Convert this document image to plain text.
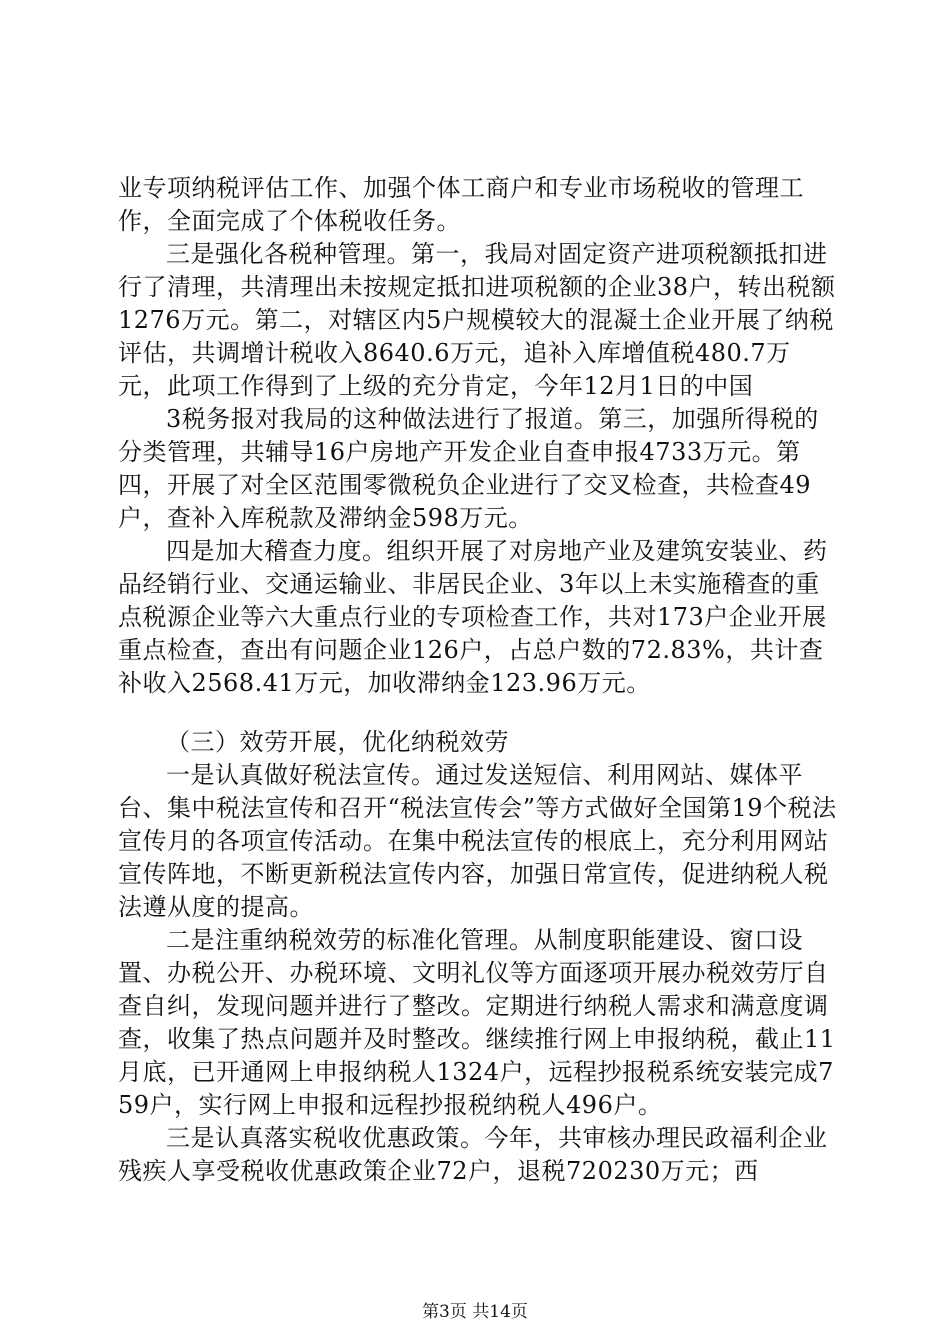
业专项纳税评估工作、加强个体工商户和专业市场税收的管理工作，全面完成了个体税收任务。

三是强化各税种管理。第一，我局对固定资产进项税额抵扣进行了清理，共清理出未按规定抵扣进项税额的企业38户，转出税额1276万元。第二，对辖区内5户规模较大的混凝土企业开展了纳税评估，共调增计税收入8640.6万元，追补入库增值税480.7万元，此项工作得到了上级的充分肯定，今年12月1日的中国

3税务报对我局的这种做法进行了报道。第三，加强所得税的分类管理，共辅导16户房地产开发企业自查申报4733万元。第四，开展了对全区范围零微税负企业进行了交叉检查，共检查49户，查补入库税款及滞纳金598万元。

四是加大稽查力度。组织开展了对房地产业及建筑安装业、药品经销行业、交通运输业、非居民企业、3年以上未实施稽查的重点税源企业等六大重点行业的专项检查工作，共对173户企业开展重点检查，查出有问题企业126户，占总户数的72.83%，共计查补收入2568.41万元，加收滞纳金123.96万元。

（三）效劳开展，优化纳税效劳

一是认真做好税法宣传。通过发送短信、利用网站、媒体平台、集中税法宣传和召开“税法宣传会”等方式做好全国第19个税法宣传月的各项宣传活动。在集中税法宣传的根底上，充分利用网站宣传阵地，不断更新税法宣传内容，加强日常宣传，促进纳税人税法遵从度的提高。

二是注重纳税效劳的标准化管理。从制度职能建设、窗口设置、办税公开、办税环境、文明礼仪等方面逐项开展办税效劳厅自查自纠，发现问题并进行了整改。定期进行纳税人需求和满意度调查，收集了热点问题并及时整改。继续推行网上申报纳税，截止11月底，已开通网上申报纳税人1324户，远程抄报税系统安装完成759户，实行网上申报和远程抄报税纳税人496户。

三是认真落实税收优惠政策。今年，共审核办理民政福利企业残疾人享受税收优惠政策企业72户，退税720230万元；西

第3页 共14页
